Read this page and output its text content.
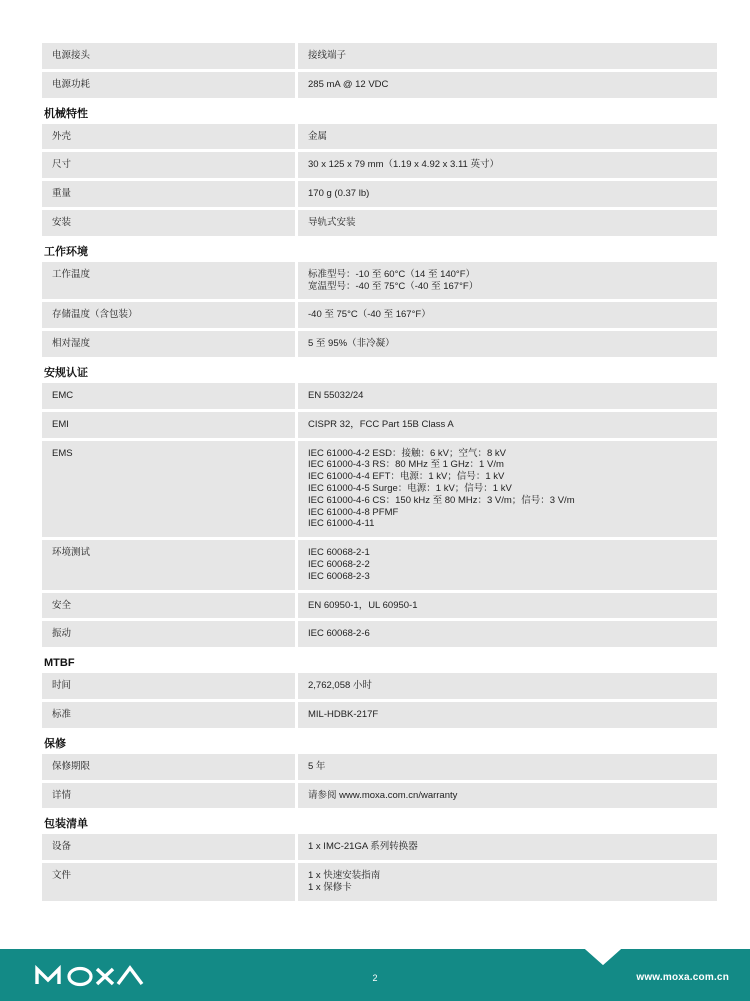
电源接头	接线端子
电源功耗	285 mA @ 12 VDC
机械特性
外壳	金属
尺寸	30 x 125 x 79 mm（1.19 x 4.92 x 3.11 英寸）
重量	170 g (0.37 lb)
安装	导轨式安装
工作环境
工作温度	标准型号：-10 至 60°C（14 至 140°F）
宽温型号：-40 至 75°C（-40 至 167°F）
存储温度（含包装）	-40 至 75°C（-40 至 167°F）
相对湿度	5 至 95%（非冷凝）
安规认证
EMC	EN 55032/24
EMI	CISPR 32，FCC Part 15B Class A
EMS	IEC 61000-4-2 ESD：接触：6 kV；空气：8 kV
IEC 61000-4-3 RS：80 MHz 至 1 GHz：1 V/m
IEC 61000-4-4 EFT：电源：1 kV；信号：1 kV
IEC 61000-4-5 Surge：电源：1 kV；信号：1 kV
IEC 61000-4-6 CS：150 kHz 至 80 MHz：3 V/m；信号：3 V/m
IEC 61000-4-8 PFMF
IEC 61000-4-11
环境测试	IEC 60068-2-1
IEC 60068-2-2
IEC 60068-2-3
安全	EN 60950-1，UL 60950-1
振动	IEC 60068-2-6
MTBF
时间	2,762,058 小时
标准	MIL-HDBK-217F
保修
保修期限	5 年
详情	请参阅 www.moxa.com.cn/warranty
包装清单
设备	1 x IMC-21GA 系列转换器
文件	1 x 快速安装指南
1 x 保修卡
2	www.moxa.com.cn
